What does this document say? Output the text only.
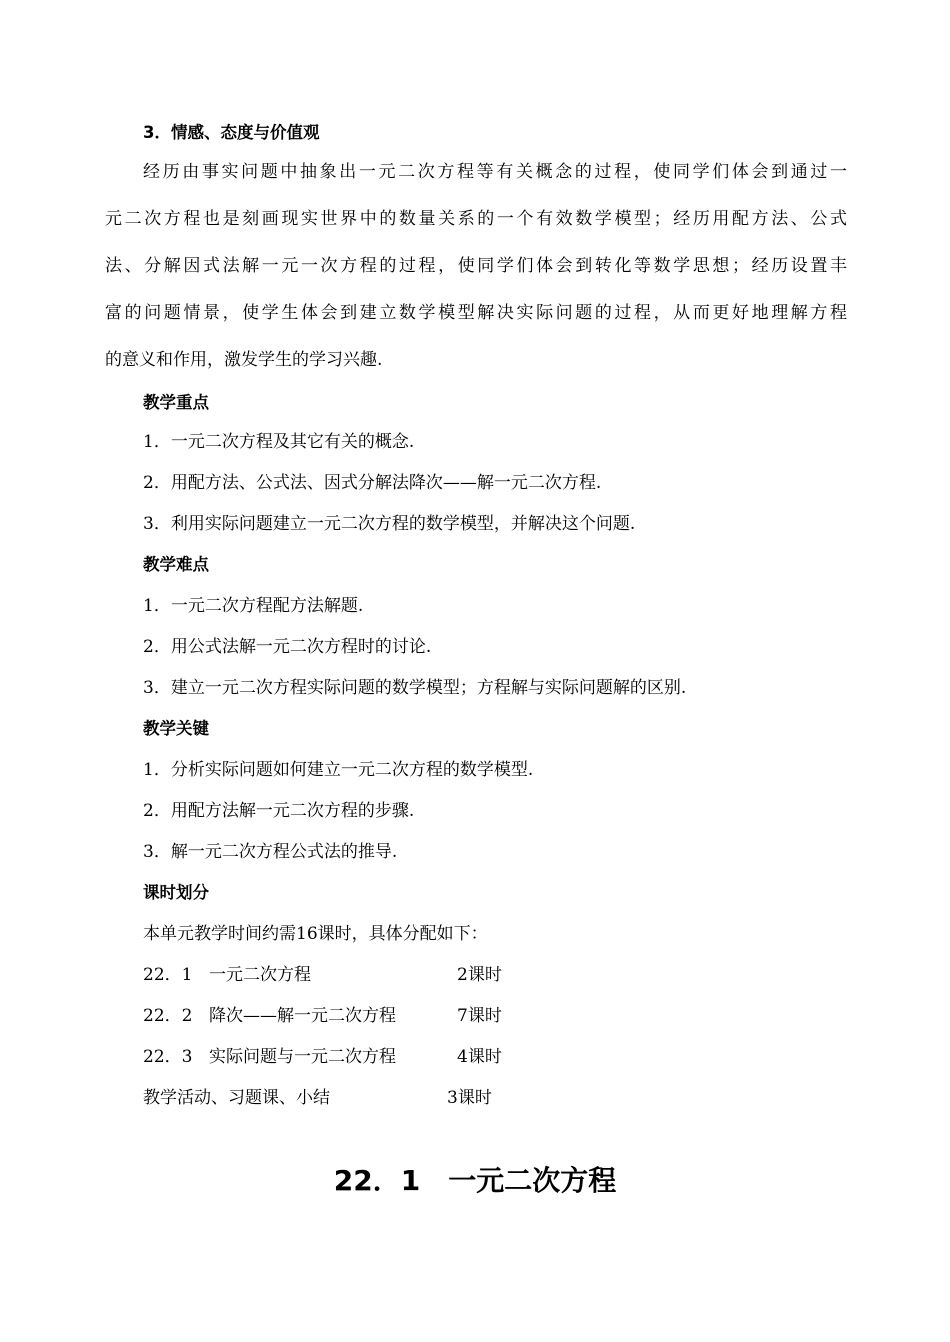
3．情感、态度与价值观
经历由事实问题中抽象出一元二次方程等有关概念的过程，使同学们体会到通过一
元二次方程也是刻画现实世界中的数量关系的一个有效数学模型；经历用配方法、公式
法、分解因式法解一元一次方程的过程，使同学们体会到转化等数学思想；经历设置丰
富的问题情景，使学生体会到建立数学模型解决实际问题的过程，从而更好地理解方程
的意义和作用，激发学生的学习兴趣.
教学重点
1．一元二次方程及其它有关的概念.
2．用配方法、公式法、因式分解法降次——解一元二次方程.
3．利用实际问题建立一元二次方程的数学模型，并解决这个问题.
教学难点
1．一元二次方程配方法解题.
2．用公式法解一元二次方程时的讨论.
3．建立一元二次方程实际问题的数学模型；方程解与实际问题解的区别.
教学关键
1．分析实际问题如何建立一元二次方程的数学模型.
2．用配方法解一元二次方程的步骤.
3．解一元二次方程公式法的推导.
课时划分
本单元教学时间约需16课时，具体分配如下：
22．1 一元二次方程	2课时
22．2 降次——解一元二次方程	7课时
22．3 实际问题与一元二次方程	4课时
教学活动、习题课、小结	3课时
22．1　一元二次方程
